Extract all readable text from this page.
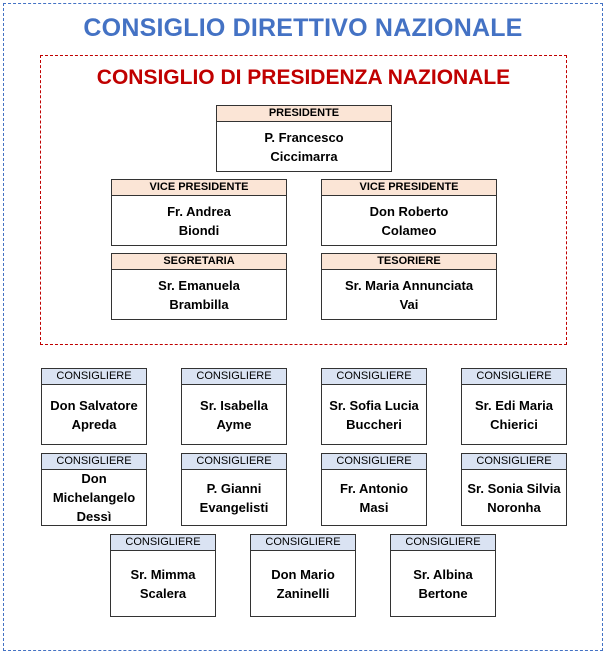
CONSIGLIO DIRETTIVO NAZIONALE
CONSIGLIO DI PRESIDENZA NAZIONALE
PRESIDENTE
P. Francesco
Ciccimarra
VICE PRESIDENTE
Fr. Andrea
Biondi
VICE PRESIDENTE
Don Roberto
Colameo
SEGRETARIA
Sr. Emanuela
Brambilla
TESORIERE
Sr. Maria Annunciata
Vai
CONSIGLIERE
Don Salvatore
Apreda
CONSIGLIERE
Sr. Isabella
Ayme
CONSIGLIERE
Sr. Sofia Lucia
Buccheri
CONSIGLIERE
Sr. Edi Maria
Chierici
CONSIGLIERE
Don
Michelangelo
Dessì
CONSIGLIERE
P. Gianni
Evangelisti
CONSIGLIERE
Fr. Antonio
Masi
CONSIGLIERE
Sr. Sonia Silvia
Noronha
CONSIGLIERE
Sr. Mimma
Scalera
CONSIGLIERE
Don Mario
Zaninelli
CONSIGLIERE
Sr. Albina
Bertone
